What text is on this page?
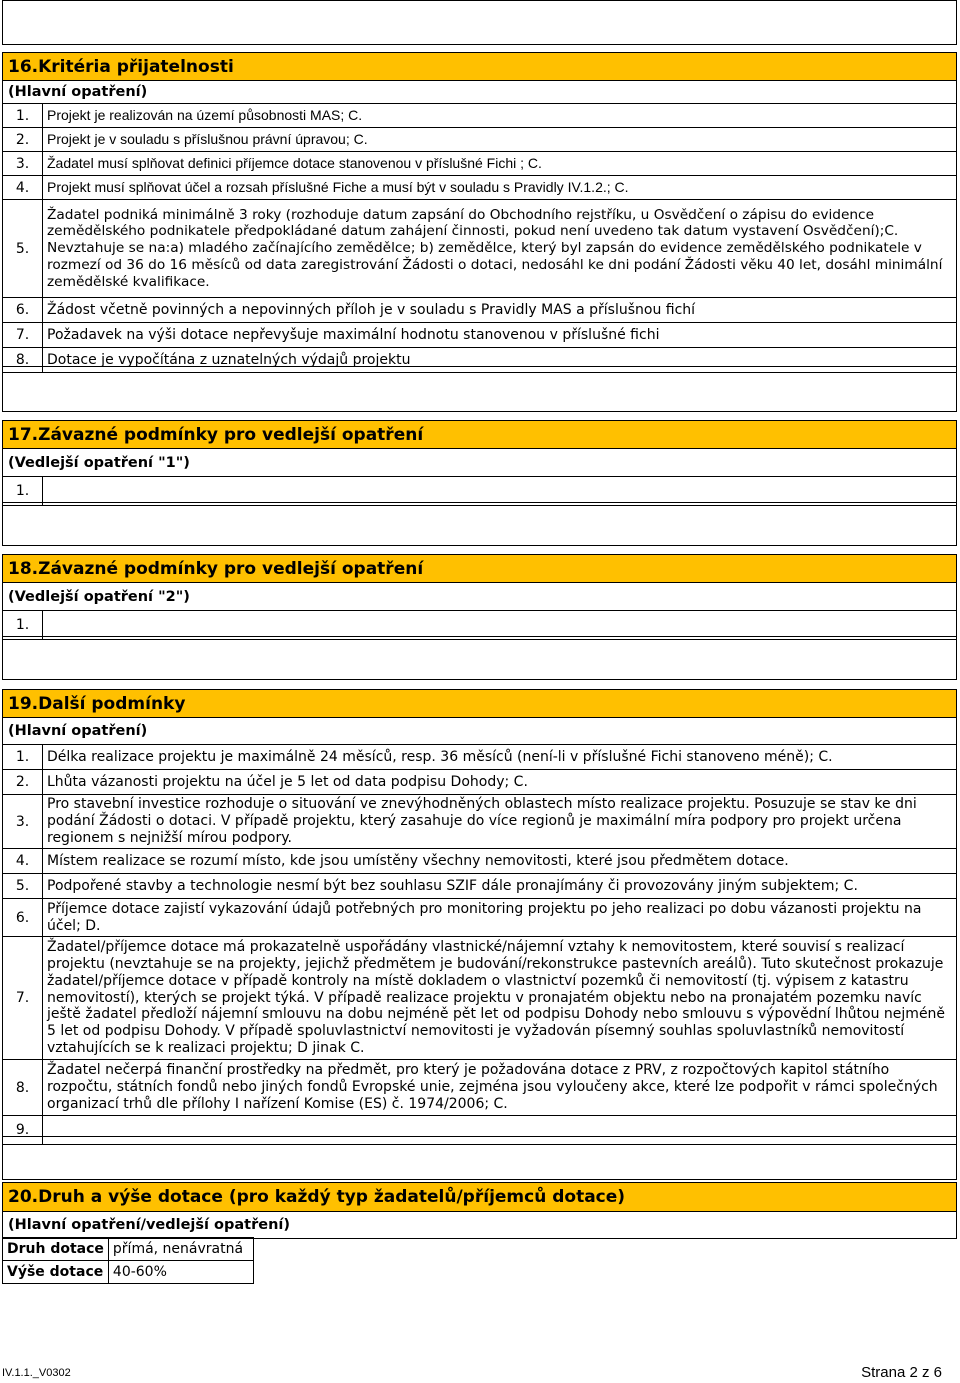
16.Kritéria přijatelnosti
(Hlavní opatření)
1.	Projekt je realizován na území působnosti MAS; C.
2.	Projekt je v souladu s příslušnou právní úpravou; C.
3.	Žadatel musí splňovat definici příjemce dotace stanovenou v příslušné Fichi ; C.
4.	Projekt musí splňovat účel a rozsah příslušné Fiche a musí být v souladu s Pravidly IV.1.2.; C.
5.
Žadatel podniká minimálně 3 roky (rozhoduje datum zapsání do Obchodního rejstříku, u Osvědčení o zápisu do evidence zemědělského podnikatele předpokládané datum zahájení činnosti, pokud není uvedeno tak datum vystavení Osvědčení);C. Nevztahuje se na:a) mladého začínajícího zemědělce; b) zemědělce, který byl zapsán do evidence zemědělského podnikatele v rozmezí od 36 do 16 měsíců od data zaregistrování Žádosti o dotaci, nedosáhl ke dni podání Žádosti věku 40 let, dosáhl minimální zemědělské kvalifikace.
6.	Žádost včetně povinných a nepovinných příloh je v souladu s Pravidly MAS a příslušnou fichí
7.	Požadavek na výši dotace nepřevyšuje maximální hodnotu stanovenou v příslušné fichi
8.	Dotace je vypočítána z uznatelných výdajů projektu
17.Závazné podmínky pro vedlejší opatření
(Vedlejší opatření "1")
1.
18.Závazné podmínky pro vedlejší opatření
(Vedlejší opatření "2")
1.
19.Další podmínky
(Hlavní opatření)
1.	Délka realizace projektu je maximálně 24 měsíců, resp. 36 měsíců (není-li v příslušné Fichi stanoveno méně); C.
2.	Lhůta vázanosti projektu na účel je 5 let od data podpisu Dohody; C.
3.
Pro stavební investice rozhoduje o situování ve znevýhodněných oblastech místo realizace projektu. Posuzuje se stav ke dni podání Žádosti o dotaci. V případě projektu, který zasahuje do více regionů je maximální míra podpory pro projekt určena regionem s nejnižší mírou podpory.
4.	Místem realizace se rozumí místo, kde jsou umístěny všechny nemovitosti, které jsou předmětem dotace.
5.	Podpořené stavby a technologie nesmí být bez souhlasu SZIF dále pronajímány či provozovány jiným subjektem; C.
6.
Příjemce dotace zajistí vykazování údajů potřebných pro monitoring projektu po jeho realizaci po dobu vázanosti projektu na účel; D.
7.
Žadatel/příjemce dotace má prokazatelně uspořádány vlastnické/nájemní vztahy k nemovitostem, které souvisí s realizací projektu (nevztahuje se na projekty, jejichž předmětem je budování/rekonstrukce pastevních areálů). Tuto skutečnost prokazuje žadatel/příjemce dotace v případě kontroly na místě dokladem o vlastnictví pozemků či nemovitostí (tj. výpisem z katastru nemovitostí), kterých se projekt týká. V případě realizace projektu v pronajatém objektu nebo na pronajatém pozemku navíc ještě žadatel předloží nájemní smlouvu na dobu nejméně pět let od podpisu Dohody nebo smlouvu s výpovědní lhůtou nejméně 5 let od podpisu Dohody. V případě spoluvlastnictví nemovitosti je vyžadován písemný souhlas spoluvlastníků nemovitostí vztahujících se k realizaci projektu; D jinak C.
8.
Žadatel nečerpá finanční prostředky na předmět, pro který je požadována dotace z PRV, z rozpočtových kapitol státního rozpočtu, státních fondů nebo jiných fondů Evropské unie, zejména jsou vyloučeny akce, které lze podpořit v rámci společných organizací trhů dle přílohy I nařízení Komise (ES) č. 1974/2006; C.
9.
20.Druh a výše dotace (pro každý typ žadatelů/příjemců dotace)
(Hlavní opatření/vedlejší opatření)
Druh dotace	přímá, nenávratná
Výše dotace	40-60%
IV.1.1._V0302	Strana 2 z 6
